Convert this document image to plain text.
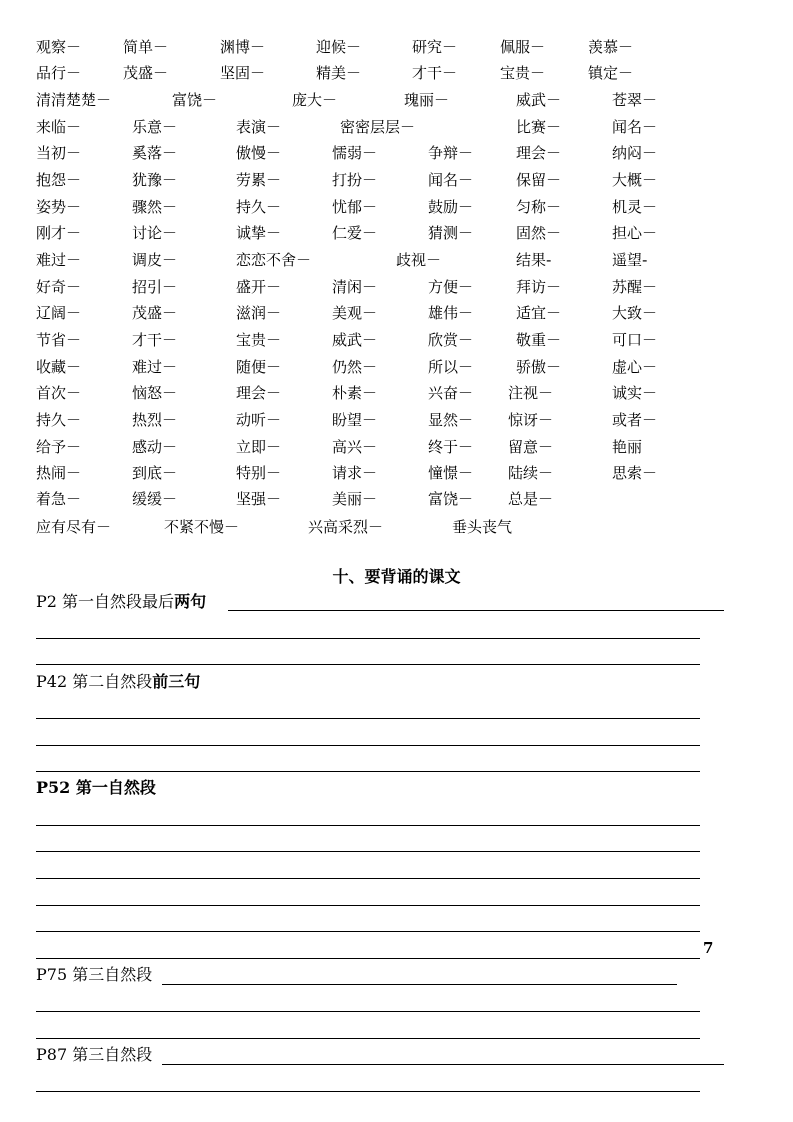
观察－	简单－	渊博－	迎候－	研究－	佩服－	羡慕－
品行－	茂盛－	坚固－	精美－	才干－	宝贵－	镇定－
清清楚楚－	富饶－	庞大－	瑰丽－	威武－	苍翠－
来临－	乐意－	表演－	密密层层－	比赛－	闻名－
当初－	奚落－	傲慢－	懦弱－	争辩－	理会－	纳闷－
抱怨－	犹豫－	劳累－	打扮－	闻名－	保留－	大概－
姿势－	骤然－	持久－	忧郁－	鼓励－	匀称－	机灵－
刚才－	讨论－	诚挚－	仁爱－	猜测－	固然－	担心－
难过－	调皮－	恋恋不舍－	歧视－	结果-	遥望-
好奇－	招引－	盛开－	清闲－	方便－	拜访－	苏醒－
辽阔－	茂盛－	滋润－	美观－	雄伟－	适宜－	大致－
节省－	才干－	宝贵－	威武－	欣赏－	敬重－	可口－
收藏－	难过－	随便－	仍然－	所以－	骄傲－	虚心－
首次－	恼怒－	理会－	朴素－	兴奋－ 注视－	诚实－
持久－	热烈－	动听－	盼望－	显然－ 惊讶－	或者－
给予－	感动－	立即－	高兴－	终于－ 留意－	艳丽
热闹－	到底－	特别－	请求－	憧憬－ 陆续－	思索－
着急－	缓缓－	坚强－	美丽－	富饶－ 总是－
应有尽有－	不紧不慢－	兴高采烈－	垂头丧气
十、要背诵的课文
P2 第一自然段最后两句
P42 第二自然段前三句
P52 第一自然段
7
P75 第三自然段
P87 第三自然段
